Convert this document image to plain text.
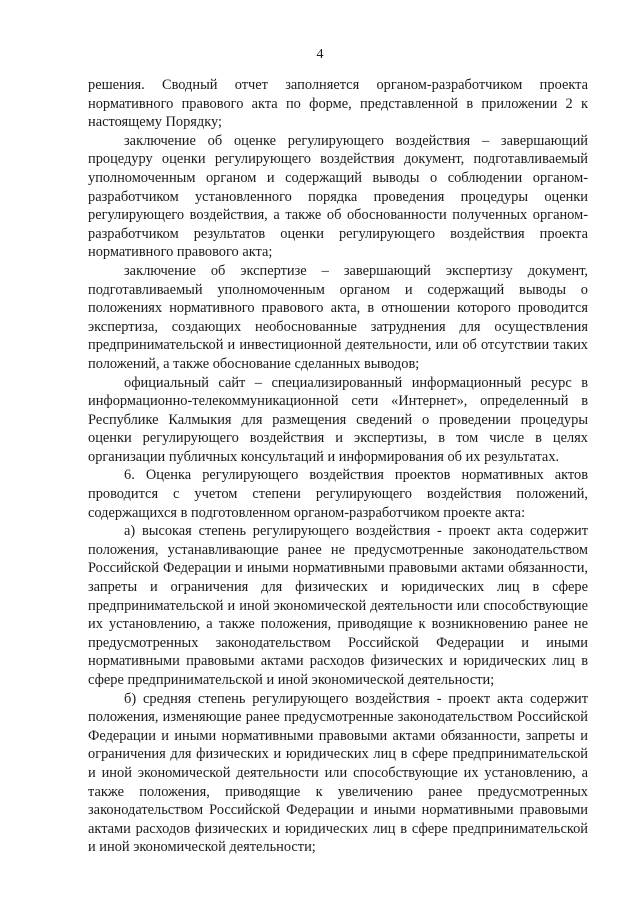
4

решения. Сводный отчет заполняется органом-разработчиком проекта нормативного правового акта по форме, представленной в приложении 2 к настоящему Порядку;

заключение об оценке регулирующего воздействия – завершающий процедуру оценки регулирующего воздействия документ, подготавливаемый уполномоченным органом и содержащий выводы о соблюдении органом-разработчиком установленного порядка проведения процедуры оценки регулирующего воздействия, а также об обоснованности полученных органом-разработчиком результатов оценки регулирующего воздействия проекта нормативного правового акта;

заключение об экспертизе – завершающий экспертизу документ, подготавливаемый уполномоченным органом и содержащий выводы о положениях нормативного правового акта, в отношении которого проводится экспертиза, создающих необоснованные затруднения для осуществления предпринимательской и инвестиционной деятельности, или об отсутствии таких положений, а также обоснование сделанных выводов;

официальный сайт – специализированный информационный ресурс в информационно-телекоммуникационной сети «Интернет», определенный в Республике Калмыкия для размещения сведений о проведении процедуры оценки регулирующего воздействия и экспертизы, в том числе в целях организации публичных консультаций и информирования об их результатах.

6. Оценка регулирующего воздействия проектов нормативных актов проводится с учетом степени регулирующего воздействия положений, содержащихся в подготовленном органом-разработчиком проекте акта:

а) высокая степень регулирующего воздействия - проект акта содержит положения, устанавливающие ранее не предусмотренные законодательством Российской Федерации и иными нормативными правовыми актами обязанности, запреты и ограничения для физических и юридических лиц в сфере предпринимательской и иной экономической деятельности или способствующие их установлению, а также положения, приводящие к возникновению ранее не предусмотренных законодательством Российской Федерации и иными нормативными правовыми актами расходов физических и юридических лиц в сфере предпринимательской и иной экономической деятельности;

б) средняя степень регулирующего воздействия - проект акта содержит положения, изменяющие ранее предусмотренные законодательством Российской Федерации и иными нормативными правовыми актами обязанности, запреты и ограничения для физических и юридических лиц в сфере предпринимательской и иной экономической деятельности или способствующие их установлению, а также положения, приводящие к увеличению ранее предусмотренных законодательством Российской Федерации и иными нормативными правовыми актами расходов физических и юридических лиц в сфере предпринимательской и иной экономической деятельности;
